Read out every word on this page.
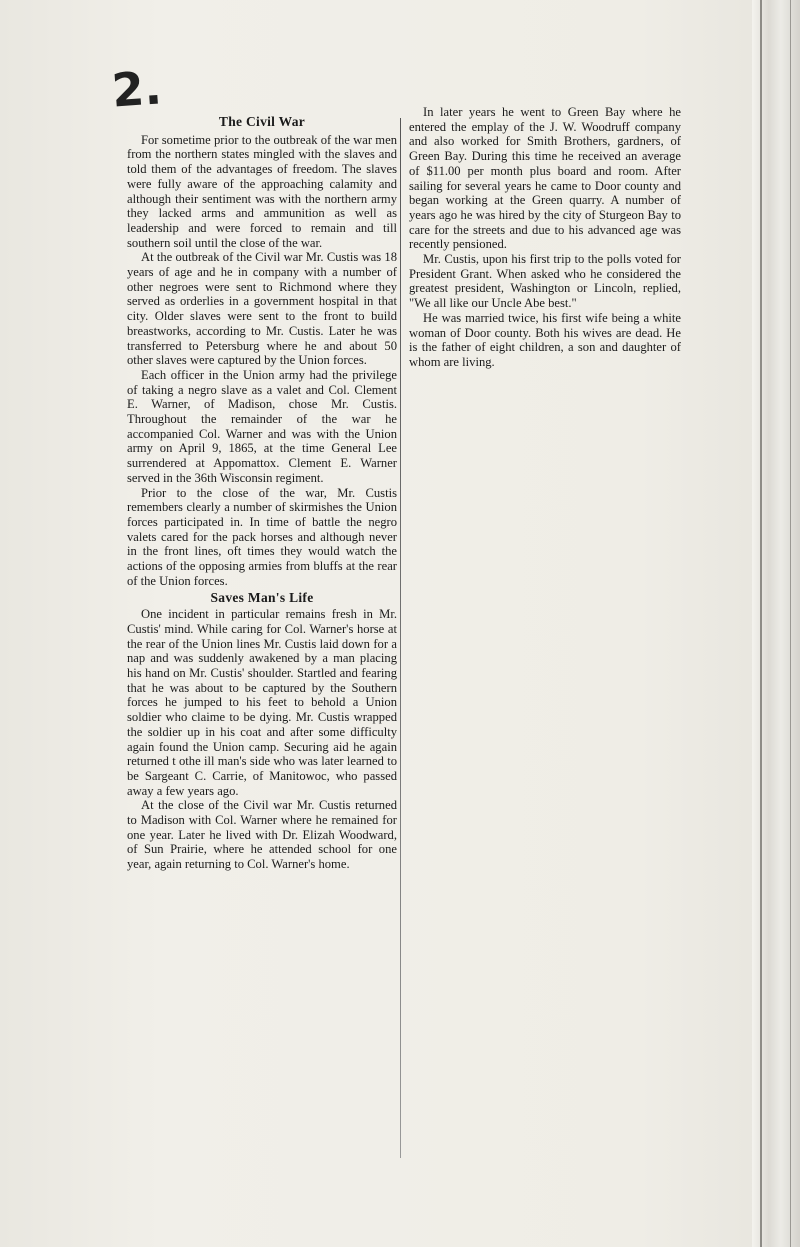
2.
The Civil War

For sometime prior to the outbreak of the war men from the northern states mingled with the slaves and told them of the advantages of freedom. The slaves were fully aware of the approaching calamity and although their sentiment was with the northern army they lacked arms and ammunition as well as leadership and were forced to remain and till southern soil until the close of the war.

At the outbreak of the Civil war Mr. Custis was 18 years of age and he in company with a number of other negroes were sent to Richmond where they served as orderlies in a government hospital in that city. Older slaves were sent to the front to build breastworks, according to Mr. Custis. Later he was transferred to Petersburg where he and about 50 other slaves were captured by the Union forces.

Each officer in the Union army had the privilege of taking a negro slave as a valet and Col. Clement E. Warner, of Madison, chose Mr. Custis. Throughout the remainder of the war he accompanied Col. Warner and was with the Union army on April 9, 1865, at the time General Lee surrendered at Appomattox. Clement E. Warner served in the 36th Wisconsin regiment.

Prior to the close of the war, Mr. Custis remembers clearly a number of skirmishes the Union forces participated in. In time of battle the negro valets cared for the pack horses and although never in the front lines, oft times they would watch the actions of the opposing armies from bluffs at the rear of the Union forces.

Saves Man's Life

One incident in particular remains fresh in Mr. Custis' mind. While caring for Col. Warner's horse at the rear of the Union lines Mr. Custis laid down for a nap and was suddenly awakened by a man placing his hand on Mr. Custis' shoulder. Startled and fearing that he was about to be captured by the Southern forces he jumped to his feet to behold a Union soldier who claime to be dying. Mr. Custis wrapped the soldier up in his coat and after some difficulty again found the Union camp. Securing aid he again returned t othe ill man's side who was later learned to be Sargeant C. Carrie, of Manitowoc, who passed away a few years ago.

At the close of the Civil war Mr. Custis returned to Madison with Col. Warner where he remained for one year. Later he lived with Dr. Elizah Woodward, of Sun Prairie, where he attended school for one year, again returning to Col. Warner's home.

In later years he went to Green Bay where he entered the emplay of the J. W. Woodruff company and also worked for Smith Brothers, gardners, of Green Bay. During this time he received an average of $11.00 per month plus board and room. After sailing for several years he came to Door county and began working at the Green quarry. A number of years ago he was hired by the city of Sturgeon Bay to care for the streets and due to his advanced age was recently pensioned.

Mr. Custis, upon his first trip to the polls voted for President Grant. When asked who he considered the greatest president, Washington or Lincoln, replied, "We all like our Uncle Abe best."

He was married twice, his first wife being a white woman of Door county. Both his wives are dead. He is the father of eight children, a son and daughter of whom are living.
